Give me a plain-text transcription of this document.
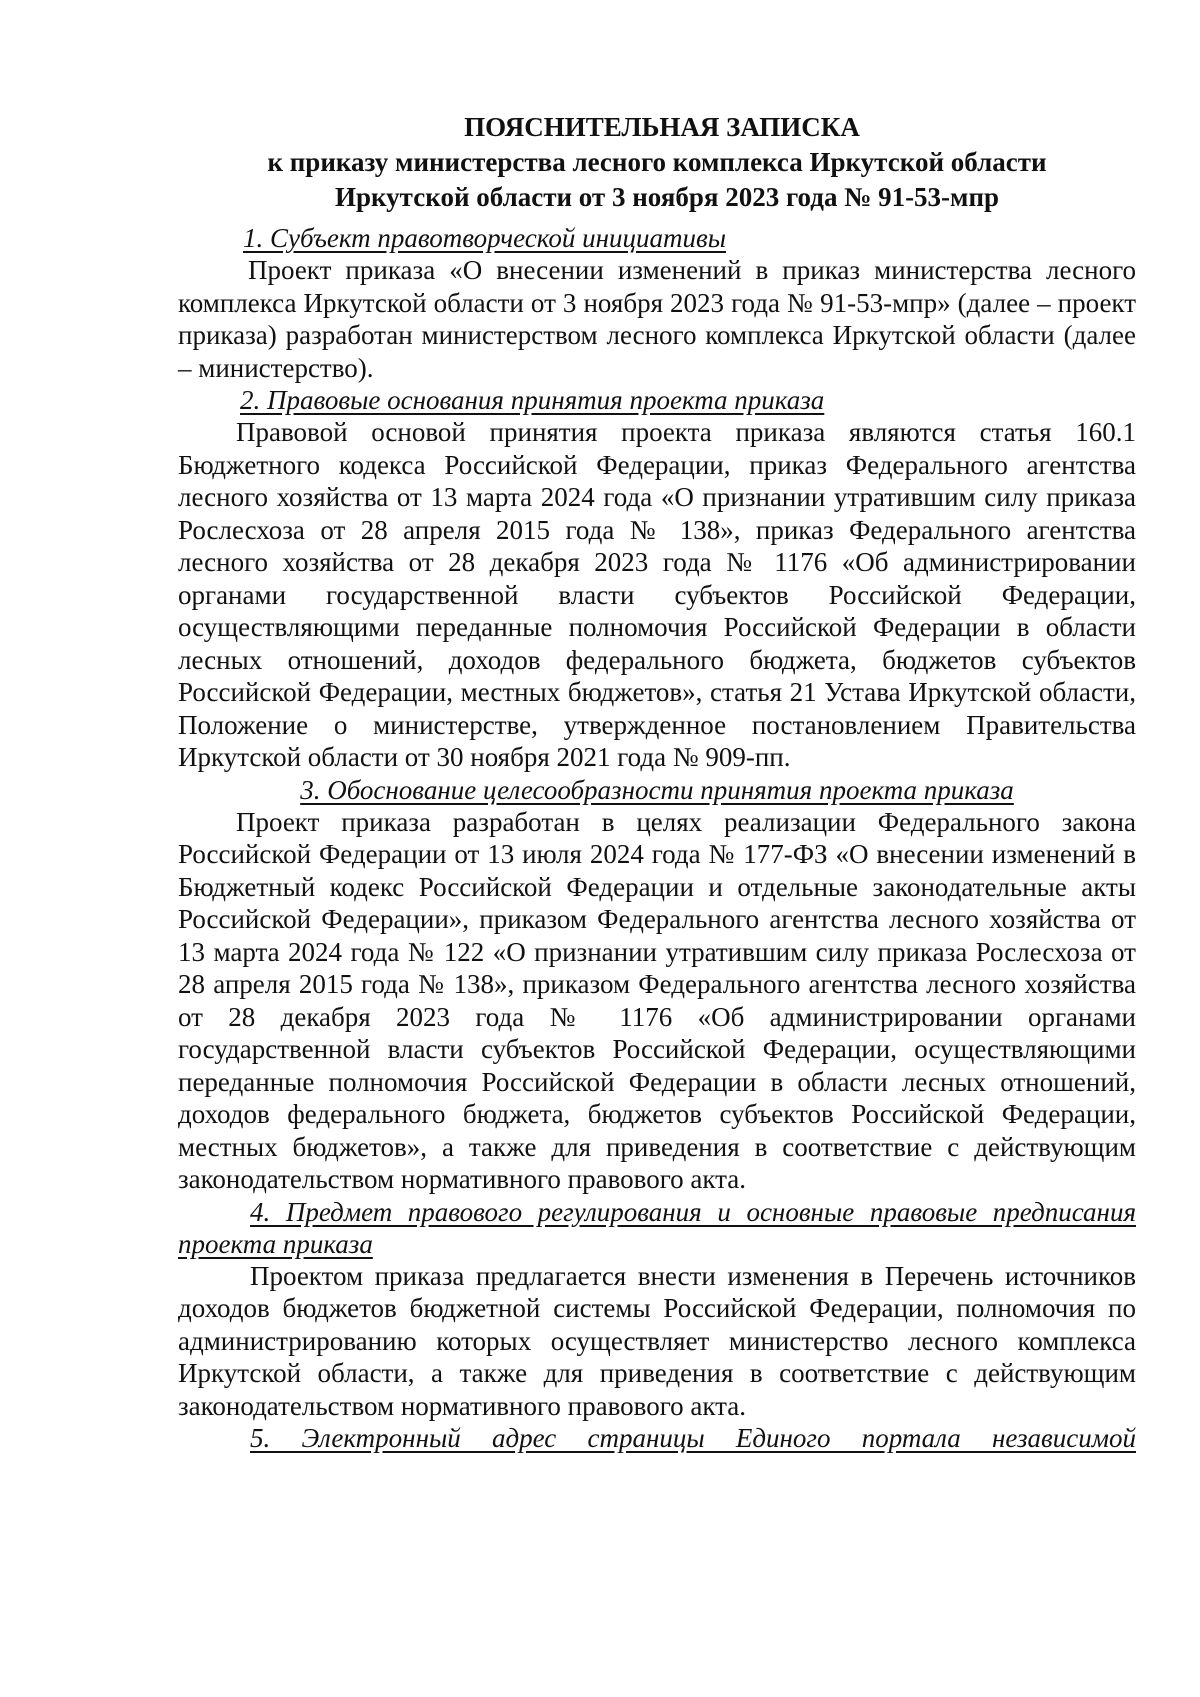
ПОЯСНИТЕЛЬНАЯ ЗАПИСКА
к приказу министерства лесного комплекса Иркутской области
Иркутской области от 3 ноября 2023 года № 91-53-мпр

1. Субъект правотворческой инициативы

Проект приказа «О внесении изменений в приказ министерства лесного комплекса Иркутской области от 3 ноября 2023 года № 91-53-мпр» (далее – проект приказа) разработан министерством лесного комплекса Иркутской области (далее – министерство).

2. Правовые основания принятия проекта приказа

Правовой основой принятия проекта приказа являются статья 160.1 Бюджетного кодекса Российской Федерации, приказ Федерального агентства лесного хозяйства от 13 марта 2024 года «О признании утратившим силу приказа Рослесхоза от 28 апреля 2015 года № 138», приказ Федерального агентства лесного хозяйства от 28 декабря 2023 года № 1176 «Об администрировании органами государственной власти субъектов Российской Федерации, осуществляющими переданные полномочия Российской Федерации в области лесных отношений, доходов федерального бюджета, бюджетов субъектов Российской Федерации, местных бюджетов», статья 21 Устава Иркутской области, Положение о министерстве, утвержденное постановлением Правительства Иркутской области от 30 ноября 2021 года № 909-пп.

3. Обоснование целесообразности принятия проекта приказа

Проект приказа разработан в целях реализации Федерального закона Российской Федерации от 13 июля 2024 года № 177-ФЗ «О внесении изменений в Бюджетный кодекс Российской Федерации и отдельные законодательные акты Российской Федерации», приказом Федерального агентства лесного хозяйства от 13 марта 2024 года № 122 «О признании утратившим силу приказа Рослесхоза от 28 апреля 2015 года № 138», приказом Федерального агентства лесного хозяйства от 28 декабря 2023 года № 1176 «Об администрировании органами государственной власти субъектов Российской Федерации, осуществляющими переданные полномочия Российской Федерации в области лесных отношений, доходов федерального бюджета, бюджетов субъектов Российской Федерации, местных бюджетов», а также для приведения в соответствие с действующим законодательством нормативного правового акта.

4. Предмет правового регулирования и основные правовые предписания проекта приказа

Проектом приказа предлагается внести изменения в Перечень источников доходов бюджетов бюджетной системы Российской Федерации, полномочия по администрированию которых осуществляет министерство лесного комплекса Иркутской области, а также для приведения в соответствие с действующим законодательством нормативного правового акта.

5. Электронный адрес страницы Единого портала независимой
